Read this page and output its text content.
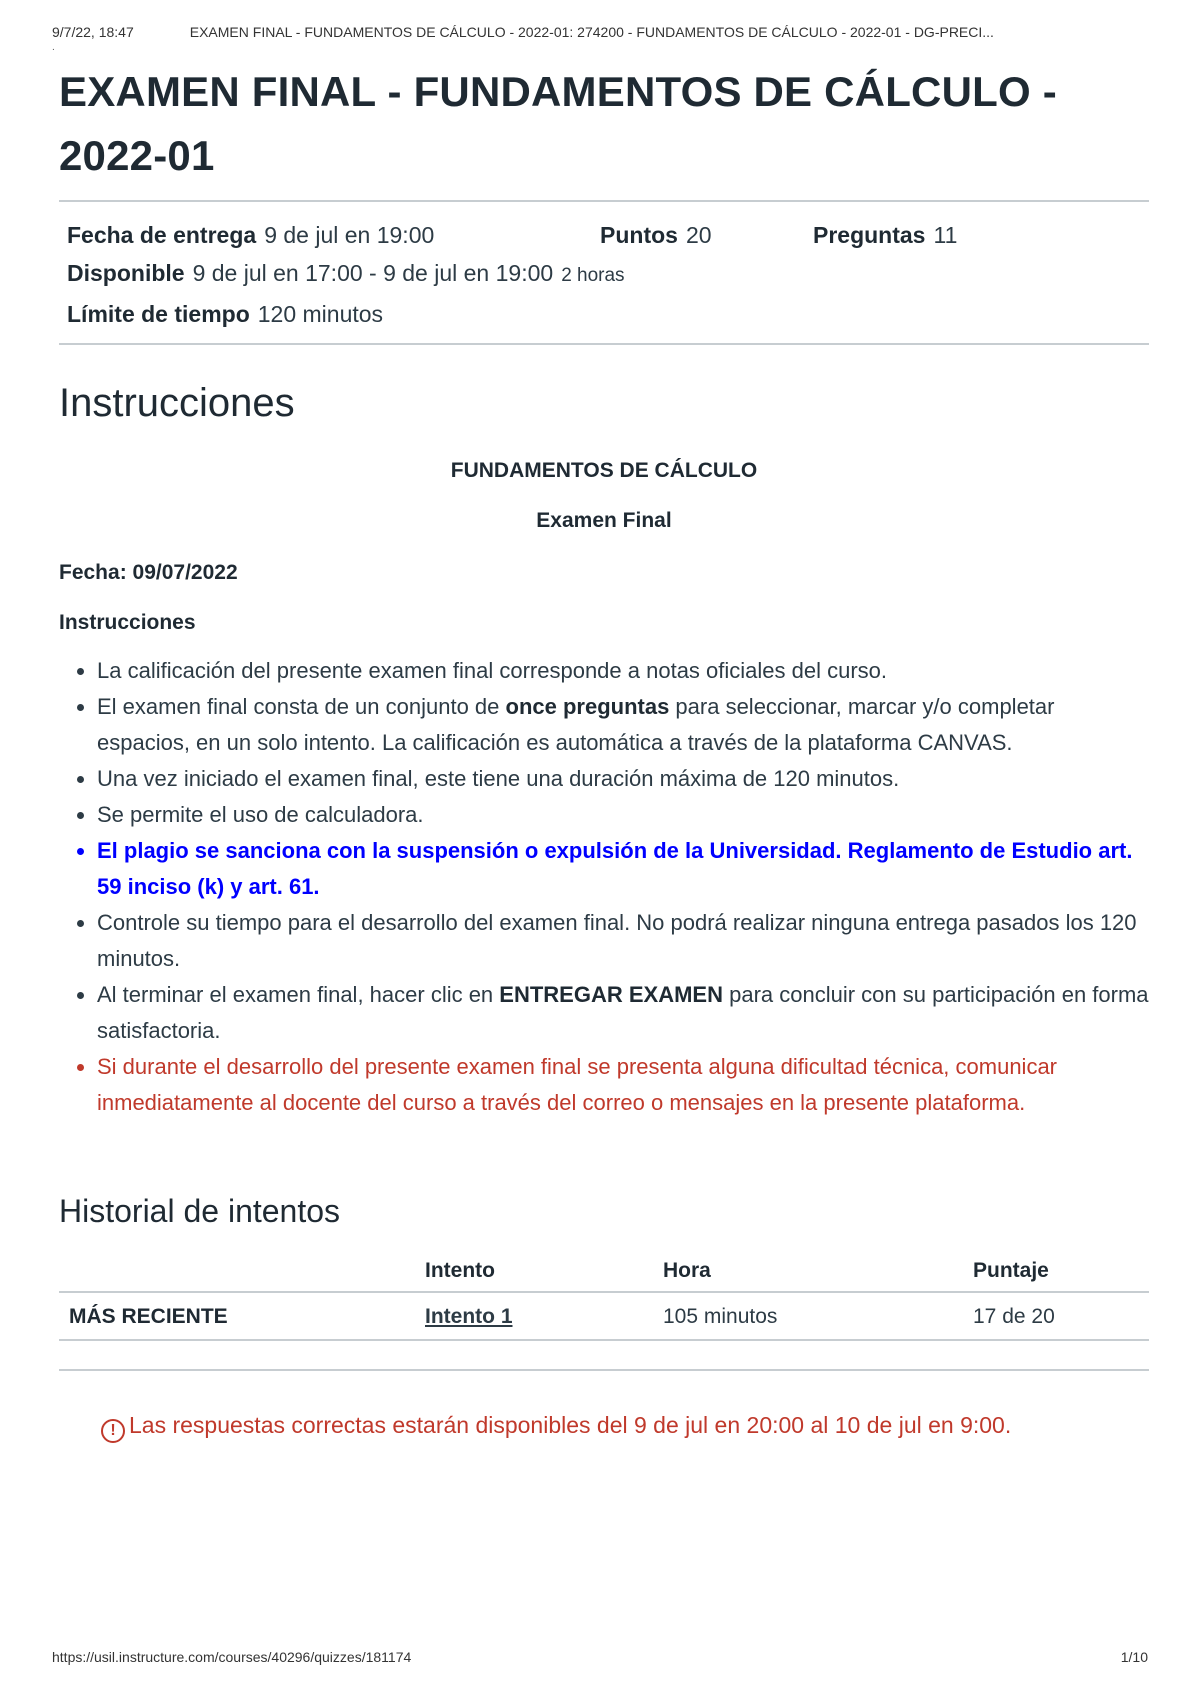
9/7/22, 18:47	EXAMEN FINAL - FUNDAMENTOS DE CÁLCULO - 2022-01: 274200 - FUNDAMENTOS DE CÁLCULO - 2022-01 - DG-PRECI...
.
EXAMEN FINAL - FUNDAMENTOS DE CÁLCULO - 2022-01
Fecha de entrega 9 de jul en 19:00	Puntos 20	Preguntas 11
Disponible 9 de jul en 17:00 - 9 de jul en 19:00 2 horas
Límite de tiempo 120 minutos
Instrucciones
FUNDAMENTOS DE CÁLCULO
Examen Final
Fecha: 09/07/2022
Instrucciones
• La calificación del presente examen final corresponde a notas oficiales del curso.
• El examen final consta de un conjunto de once preguntas para seleccionar, marcar y/o completar espacios, en un solo intento. La calificación es automática a través de la plataforma CANVAS.
• Una vez iniciado el examen final, este tiene una duración máxima de 120 minutos.
• Se permite el uso de calculadora.
• El plagio se sanciona con la suspensión o expulsión de la Universidad. Reglamento de Estudio art. 59 inciso (k) y art. 61.
• Controle su tiempo para el desarrollo del examen final. No podrá realizar ninguna entrega pasados los 120 minutos.
• Al terminar el examen final, hacer clic en ENTREGAR EXAMEN para concluir con su participación en forma satisfactoria.
• Si durante el desarrollo del presente examen final se presenta alguna dificultad técnica, comunicar inmediatamente al docente del curso a través del correo o mensajes en la presente plataforma.
Historial de intentos
	Intento	Hora	Puntaje
MÁS RECIENTE	Intento 1	105 minutos	17 de 20
! Las respuestas correctas estarán disponibles del 9 de jul en 20:00 al 10 de jul en 9:00.
https://usil.instructure.com/courses/40296/quizzes/181174	1/10
